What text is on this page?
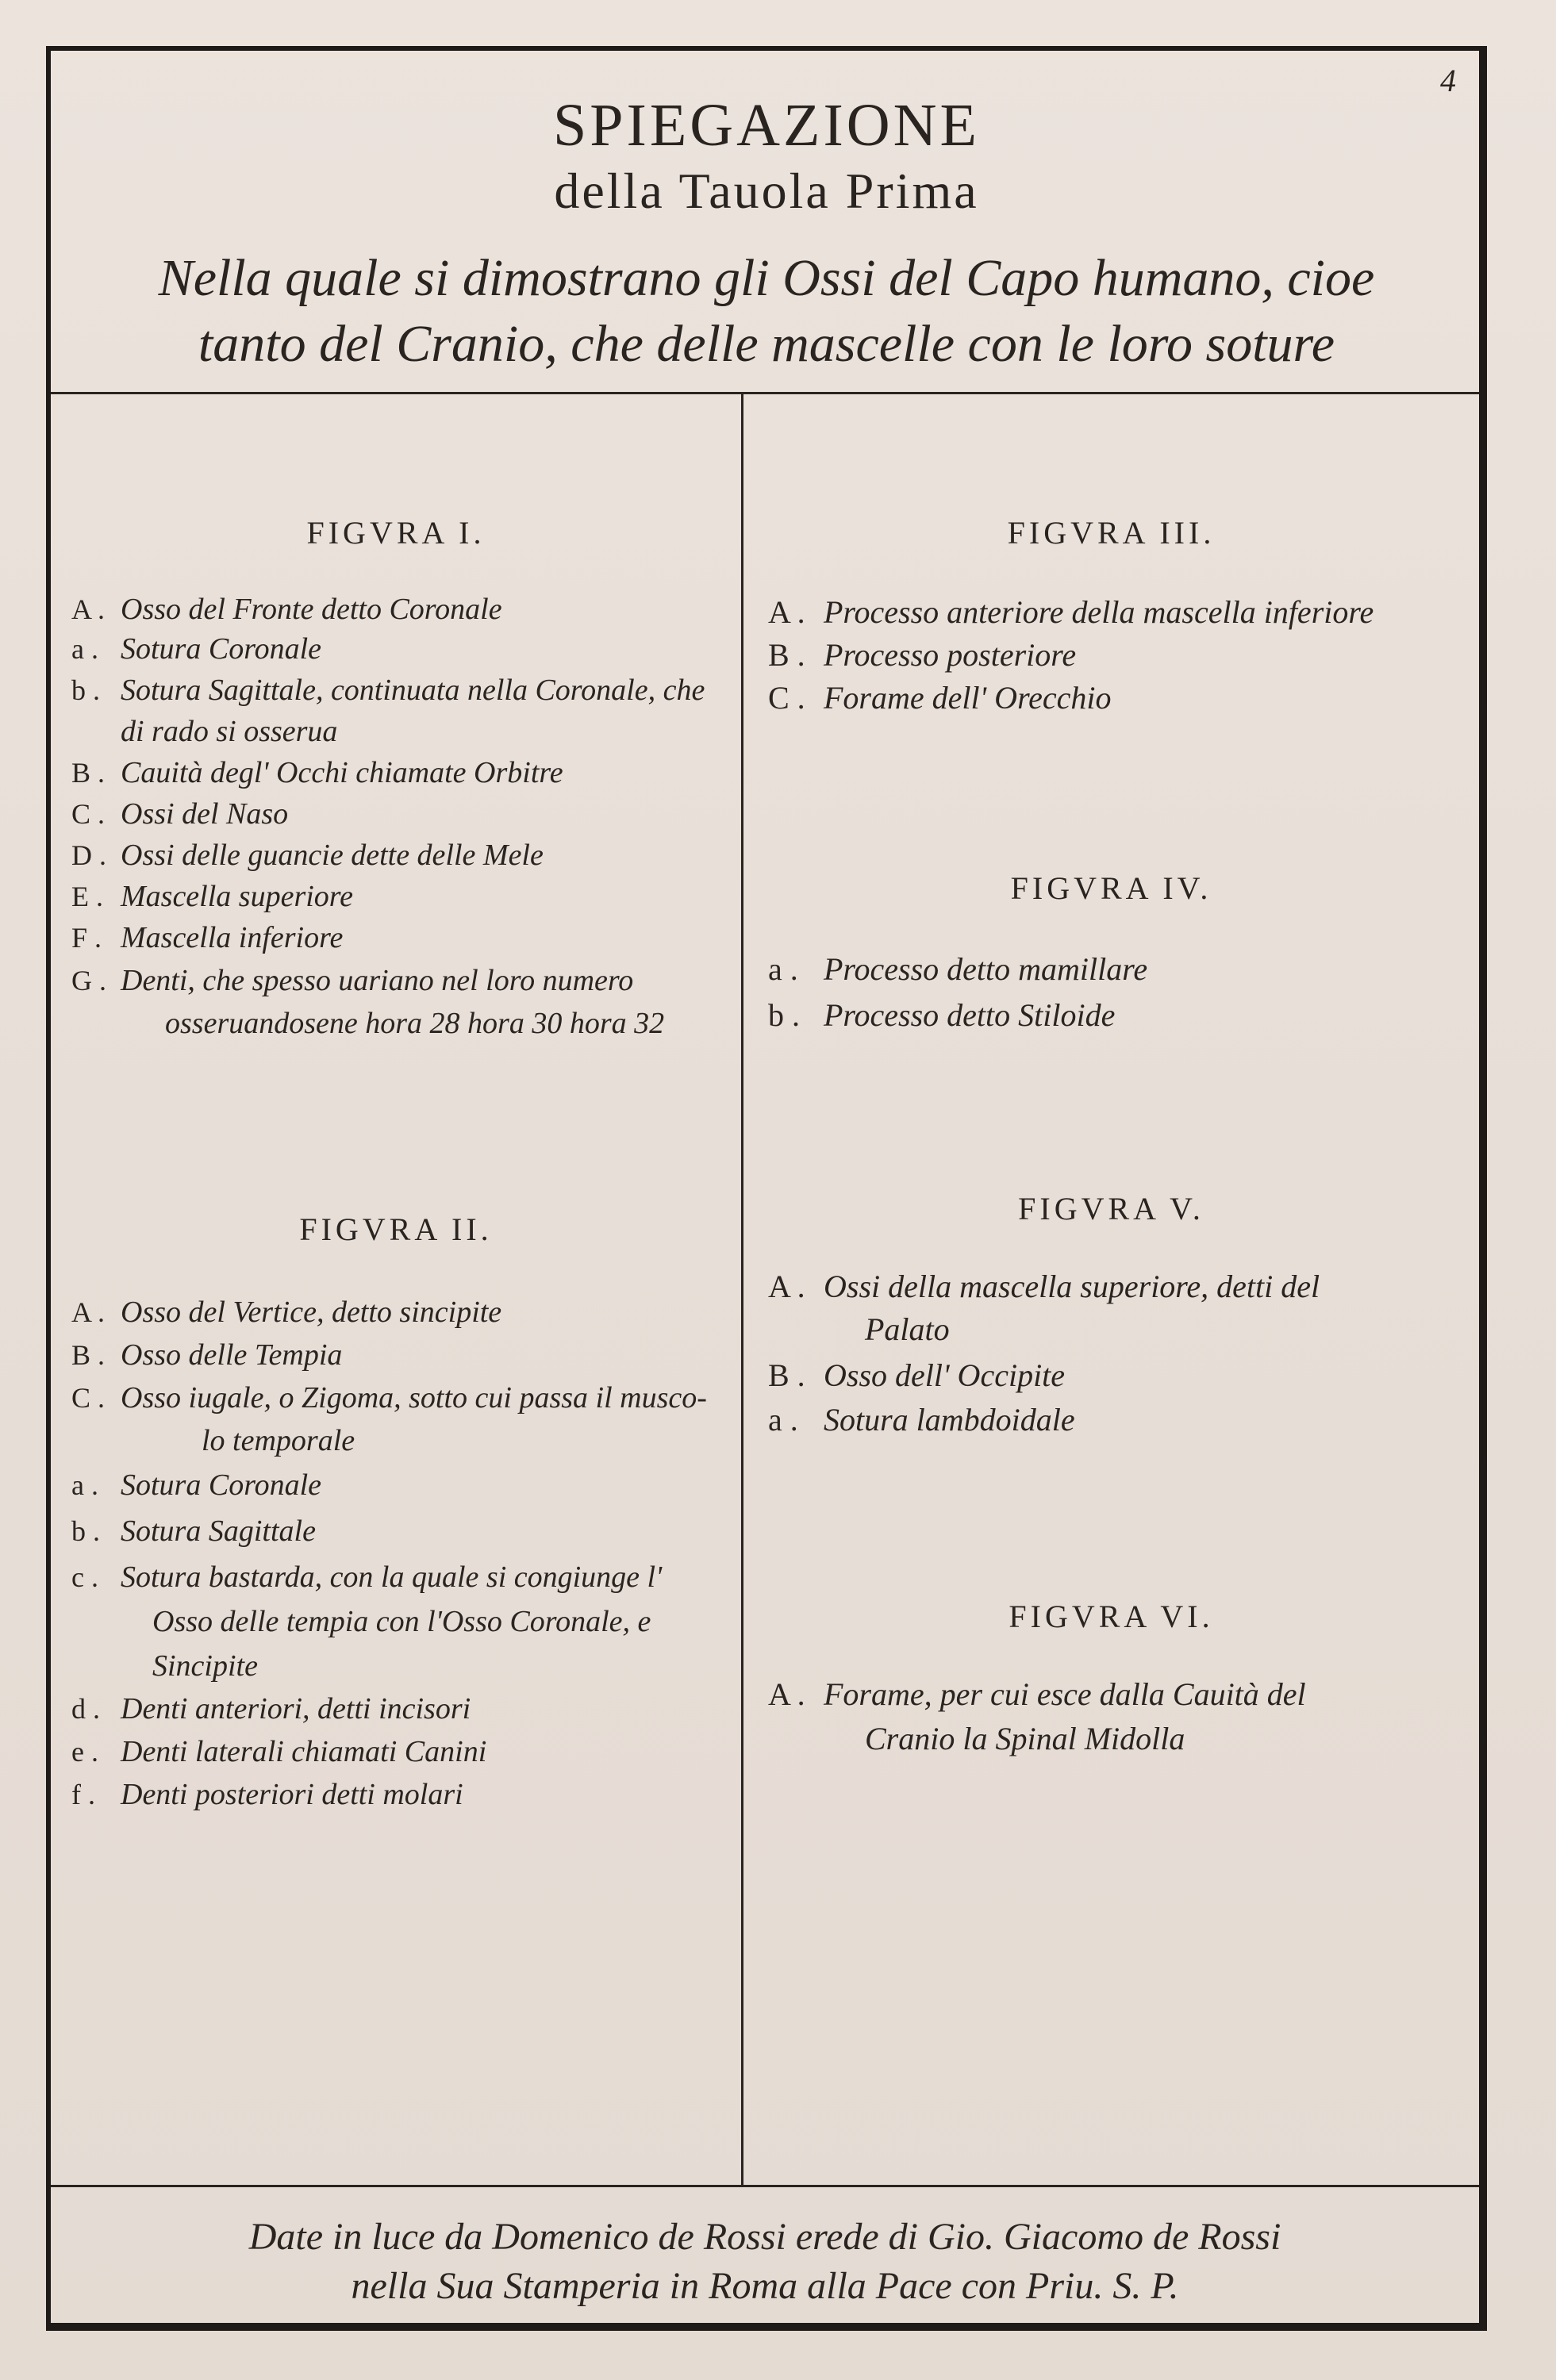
4
SPIEGAZIONE
della Tauola Prima
Nella quale si dimostrano gli Ossi del Capo humano, cioe
tanto del Cranio, che delle mascelle con le loro soture
FIGVRA I.
A . Osso del Fronte detto Coronale
a . Sotura Coronale
b . Sotura Sagittale, continuata nella Coronale, che
di rado si osserua
B . Cauità degl' Occhi chiamate Orbitre
C . Ossi del Naso
D . Ossi delle guancie dette delle Mele
E . Mascella superiore
F . Mascella inferiore
G . Denti, che spesso uariano nel loro numero
osseruandosene hora 28 hora 30 hora 32
FIGVRA II.
A . Osso del Vertice, detto sincipite
B . Osso delle Tempia
C . Osso iugale, o Zigoma, sotto cui passa il musco-
lo temporale
a . Sotura Coronale
b . Sotura Sagittale
c . Sotura bastarda, con la quale si congiunge l'
Osso delle tempia con l'Osso Coronale, e
Sincipite
d . Denti anteriori, detti incisori
e . Denti laterali chiamati Canini
f . Denti posteriori detti molari
FIGVRA III.
A . Processo anteriore della mascella inferiore
B . Processo posteriore
C . Forame dell' Orecchio
FIGVRA IV.
a . Processo detto mamillare
b . Processo detto Stiloide
FIGVRA V.
A . Ossi della mascella superiore, detti del
Palato
B . Osso dell' Occipite
a . Sotura lambdoidale
FIGVRA VI.
A . Forame, per cui esce dalla Cauità del
Cranio la Spinal Midolla
Date in luce da Domenico de Rossi erede di Gio. Giacomo de Rossi
nella Sua Stamperia in Roma alla Pace con Priu. S. P.
